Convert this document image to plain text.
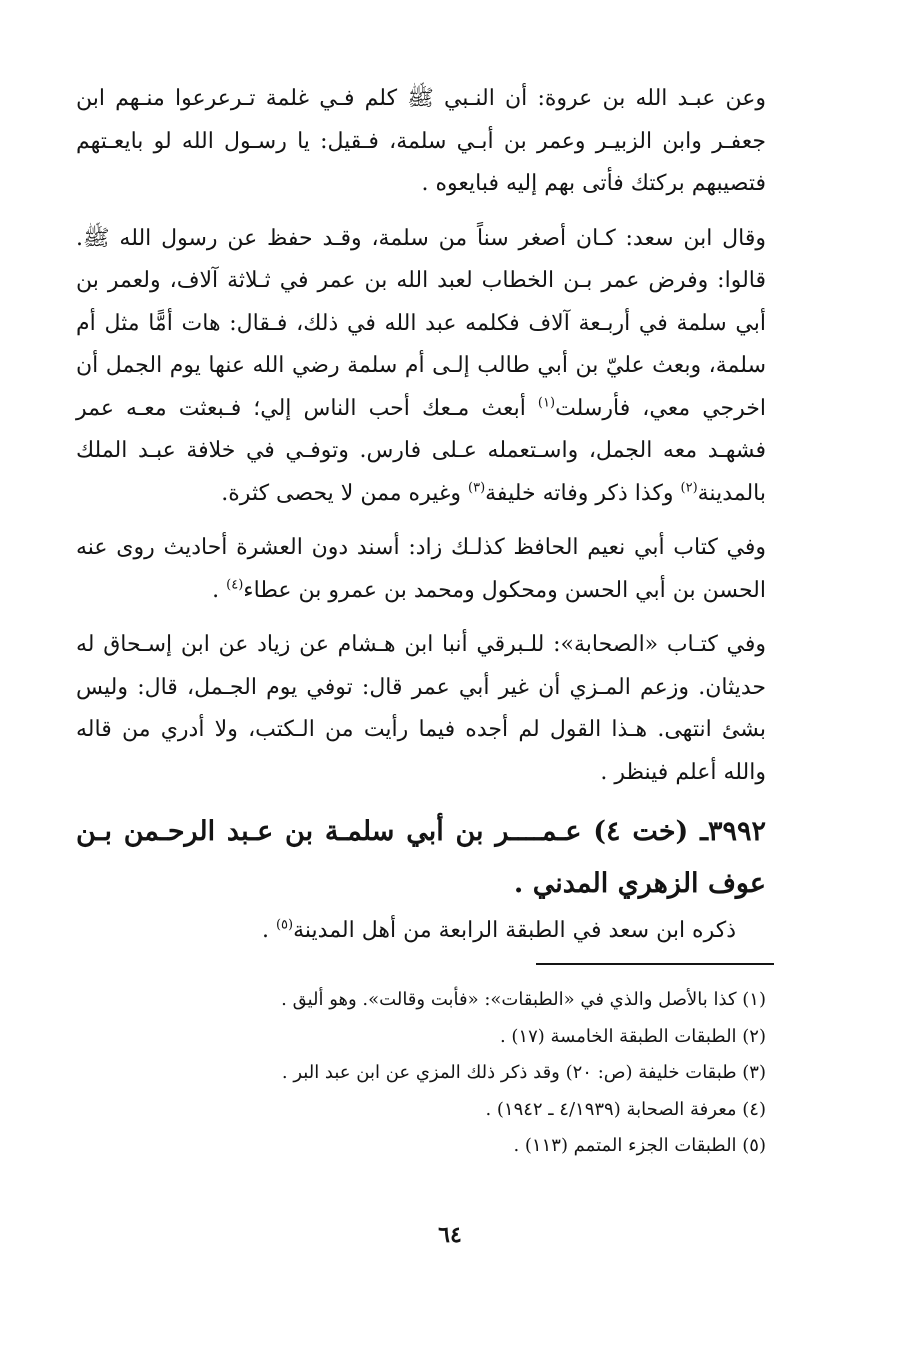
وعن عبـد الله بن عروة: أن النـبي ﷺ كلم فـي غلمة تـرعرعوا منـهم ابن جعفـر وابن الزبيـر وعمر بن أبـي سلمة، فـقيل: يا رسـول الله لو بايعـتهم فتصيبهم بركتك فأتى بهم إليه فبايعوه .

وقال ابن سعد: كـان أصغر سناً من سلمة، وقـد حفظ عن رسول الله ﷺ. قالوا: وفرض عمر بـن الخطاب لعبد الله بن عمر في ثـلاثة آلاف، ولعمر بن أبي سلمة في أربـعة آلاف فكلمه عبد الله في ذلك، فـقال: هات أمًّا مثل أم سلمة، وبعث عليّ بن أبي طالب إلـى أم سلمة رضي الله عنها يوم الجمل أن اخرجي معي، فأرسلت$^{(١)}$ أبعث مـعك أحب الناس إلي؛ فـبعثت معـه عمر فشهـد معه الجمل، واسـتعمله عـلى فارس. وتوفـي في خلافة عبـد الملك بالمدينة$^{(٢)}$ وكذا ذكر وفاته خليفة$^{(٣)}$ وغيره ممن لا يحصى كثرة.

وفي كتاب أبي نعيم الحافظ كذلـك زاد: أسند دون العشرة أحاديث روى عنه الحسن بن أبي الحسن ومحكول ومحمد بن عمرو بن عطاء$^{(٤)}$ .

وفي كتـاب «الصحابة»: للـبرقي أنبا ابن هـشام عن زياد عن ابن إسـحاق له حديثان. وزعم المـزي أن غير أبي عمر قال: توفي يوم الجـمل، قال: وليس بشئ انتهى. هـذا القول لم أجده فيما رأيت من الـكتب، ولا أدري من قاله والله أعلم فينظر .

٣٩٩٢ـ (خت ٤) عـمــــر بن أبي سلمـة بن عـبد الرحـمن بـن عوف الزهري المدني .

ذكره ابن سعد في الطبقة الرابعة من أهل المدينة$^{(٥)}$ .

(١) كذا بالأصل والذي في «الطبقات»: «فأبت وقالت». وهو أليق .
(٢) الطبقات الطبقة الخامسة (١٧) .
(٣) طبقات خليفة (ص: ٢٠) وقد ذكر ذلك المزي عن ابن عبد البر .
(٤) معرفة الصحابة (٤/١٩٣٩ ـ ١٩٤٢) .
(٥) الطبقات الجزء المتمم (١١٣) .
٦٤
